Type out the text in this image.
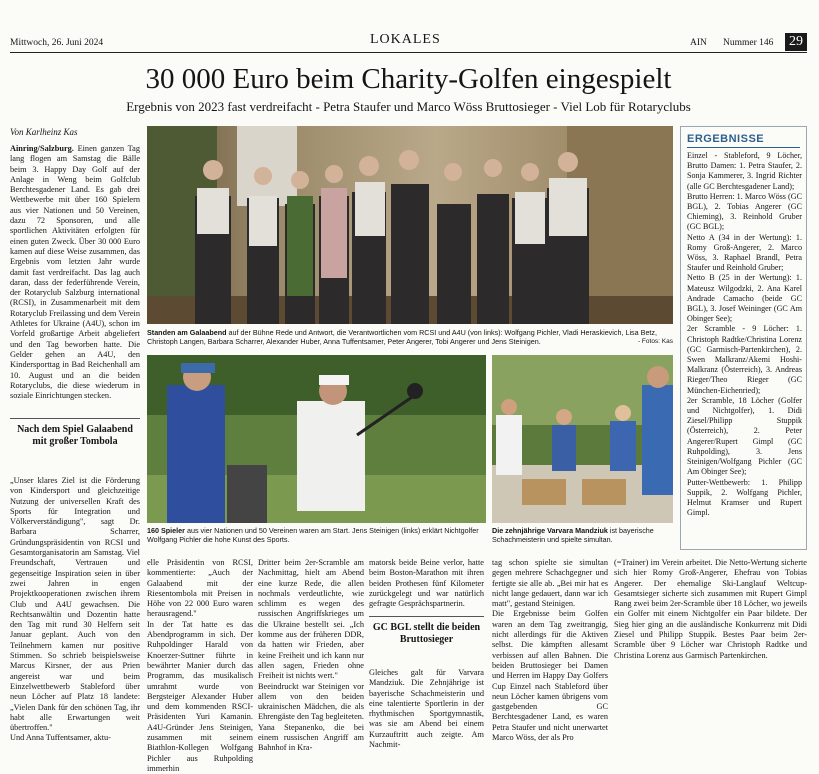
Mittwoch, 26. Juni 2024	LOKALES	AIN Nummer 146 29
30 000 Euro beim Charity-Golfen eingespielt
Ergebnis von 2023 fast verdreifacht - Petra Staufer und Marco Wöss Bruttosieger - Viel Lob für Rotaryclubs
Von Karlheinz Kas

Ainring/Salzburg. Einen ganzen Tag lang flogen am Samstag die Bälle beim 3. Happy Day Golf auf der Anlage in Weng beim Golfclub Berchtesgadener Land. Es gab drei Wettbewerbe mit über 160 Spielern aus vier Nationen und 50 Vereinen, dazu 72 Sponsoren, und alle sportlichen Aktivitäten erfolgten für einen guten Zweck. Über 30 000 Euro kamen auf diese Weise zusammen, das Ergebnis vom letzten Jahr wurde damit fast verdreifacht. Das lag auch daran, dass der federführende Verein, der Rotaryclub Salzburg international (RCSI), in Zusammenarbeit mit dem Rotaryclub Freilassing und dem Verein Athletes for Ukraine (A4U), schon im Vorfeld großartige Arbeit abgeliefert und den Tag beworben hatte. Die Gelder gehen an A4U, den Kindersporttag in Bad Reichenhall am 10. August und an die beiden Rotaryclubs, die diese wiederum in soziale Einrichtungen stecken.

Nach dem Spiel Galaabend mit großer Tombola

„Unser klares Ziel ist die Förderung von Kindersport und gleichzeitige Nutzung der universellen Kraft des Sports für Integration und Völkerverständigung", sagt Dr. Barbara Scharrer, Gründungspräsidentin von RCSI und Gesamtorganisatorin am Samstag. Viel Freundschaft, Vertrauen und gegenseitige Inspiration seien in über zwei Jahren in engen Projektkooperationen zwischen ihrem Club und A4U gewachsen. Die Rechtsanwältin und Dozentin hatte den Tag mit rund 30 Helfern seit Januar geplant. Auch von den Teilnehmern kamen nur positive Stimmen. So schrieb beispielsweise Marcus Kirsner, der aus Prien angereist war und beim Einzelwettbewerb Stableford über neun Löcher auf Platz 18 landete: „Vielen Dank für den schönen Tag, ihr habt alle Erwartungen weit übertroffen."

Und Anna Tuffentsamer, aktu-

Standen am Galaabend auf der Bühne Rede und Antwort, die Verantwortlichen vom RCSI und A4U (von links): Wolfgang Pichler, Vladi Heraskievich, Lisa Betz, Christoph Langen, Barbara Scharrer, Alexander Huber, Anna Tuffentsamer, Peter Angerer, Tobi Angerer und Jens Steinigen.	- Fotos: Kas
160 Spieler aus vier Nationen und 50 Vereinen waren am Start. Jens Steinigen (links) erklärt Nichtgolfer Wolfgang Pichler die hohe Kunst des Sports.
Die zehnjährige Varvara Mandziuk ist bayerische Schachmeisterin und spielte simultan.

elle Präsidentin von RCSI, kommentierte: „Auch der Galaabend mit der Riesentombola mit Preisen in Höhe von 22 000 Euro waren herausragend."
In der Tat hatte es das Abendprogramm in sich. Der Ruhpoldinger Harald von Knoerzer-Suttner führte in bewährter Manier durch das Programm, das musikalisch umrahmt wurde von Bergsteiger Alexander Huber und dem kommenden RSCI-Präsidenten Yuri Kamanin. A4U-Gründer Jens Steinigen, zusammen mit seinem Biathlon-Kollegen Wolfgang Pichler aus Ruhpolding immerhin

Dritter beim 2er-Scramble am Nachmittag, hielt am Abend eine kurze Rede, die allen nochmals verdeutlichte, wie schlimm es wegen des russischen Angriffskrieges um die Ukraine bestellt sei. „Ich komme aus der früheren DDR, da hatten wir Frieden, aber keine Freiheit und ich kann nur allen sagen, Frieden ohne Freiheit ist nichts wert."
Beeindruckt war Steinigen vor allem von den beiden ukrainischen Mädchen, die als Ehrengäste den Tag begleiteten. Yana Stepanenko, die bei einem russischen Angriff am Bahnhof in Kra-

matorsk beide Beine verlor, hatte beim Boston-Marathon mit ihren beiden Prothesen fünf Kilometer zurückgelegt und war natürlich gefragte Gesprächspartnerin.

GC BGL stellt die beiden Bruttosieger

Gleiches galt für Varvara Mandziuk. Die Zehnjährige ist bayerische Schachmeisterin und eine talentierte Sportlerin in der rhythmischen Sportgymnastik, was sie am Abend bei einem Kurzauftritt auch zeigte. Am Nachmit-

tag schon spielte sie simultan gegen mehrere Schachgegner und fertigte sie alle ab. „Bei mir hat es nicht lange gedauert, dann war ich matt", gestand Steinigen.
Die Ergebnisse beim Golfen waren an dem Tag zweitrangig, nicht allerdings für die Aktiven selbst. Die kämpften allesamt verbissen auf allen Bahnen. Die beiden Bruttosieger bei Damen und Herren im Happy Day Golfers Cup Einzel nach Stableford über neun Löcher kamen übrigens vom gastgebenden GC Berchtesgadener Land, es waren Petra Staufer und nicht unerwartet Marco Wöss, der als Pro

(=Trainer) im Verein arbeitet. Die Netto-Wertung sicherte sich hier Romy Groß-Angerer, Ehefrau von Tobias Angerer. Der ehemalige Ski-Langlauf Weltcup-Gesamtsieger sicherte sich zusammen mit Rupert Gimpl Rang zwei beim 2er-Scramble über 18 Löcher, wo jeweils ein Golfer mit einem Nichtgolfer ein Paar bildete. Der Sieg hier ging an die ausländische Konkurrenz mit Didi Ziesel und Philipp Stuppik. Bestes Paar beim 2er-Scramble über 9 Löcher war Christoph Radtke und Christina Lorenz aus Garmisch Partenkirchen.

ERGEBNISSE

Einzel - Stableford, 9 Löcher, Brutto Damen: 1. Petra Staufer, 2. Sonja Kammerer, 3. Ingrid Richter (alle GC Berchtesgadener Land);
Brutto Herren: 1. Marco Wöss (GC BGL), 2. Tobias Angerer (GC Chieming), 3. Reinhold Gruber (GC BGL);
Netto A (34 in der Wertung): 1. Romy Groß-Angerer, 2. Marco Wöss, 3. Raphael Brandl, Petra Staufer und Reinhold Gruber;
Netto B (25 in der Wertung): 1. Mateusz Wilgodzki, 2. Ana Karel Andrade Camacho (beide GC BGL), 3. Josef Weininger (GC Am Obinger See);
2er Scramble - 9 Löcher: 1. Christoph Radtke/Christina Lorenz (GC Garmisch-Partenkirchen), 2. Swen Malkranz/Akemi Hoshi-Malkranz (Österreich), 3. Andreas Rieger/Theo Rieger (GC München-Eichenried);
2er Scramble, 18 Löcher (Golfer und Nichtgolfer), 1. Didi Ziesel/Philipp Stuppik (Österreich), 2. Peter Angerer/Rupert Gimpl (GC Ruhpolding), 3. Jens Steinigen/Wolfgang Pichler (GC Am Obinger See);
Putter-Wettbewerb: 1. Philipp Suppik, 2. Wolfgang Pichler, Helmut Kramser und Rupert Gimpl.
